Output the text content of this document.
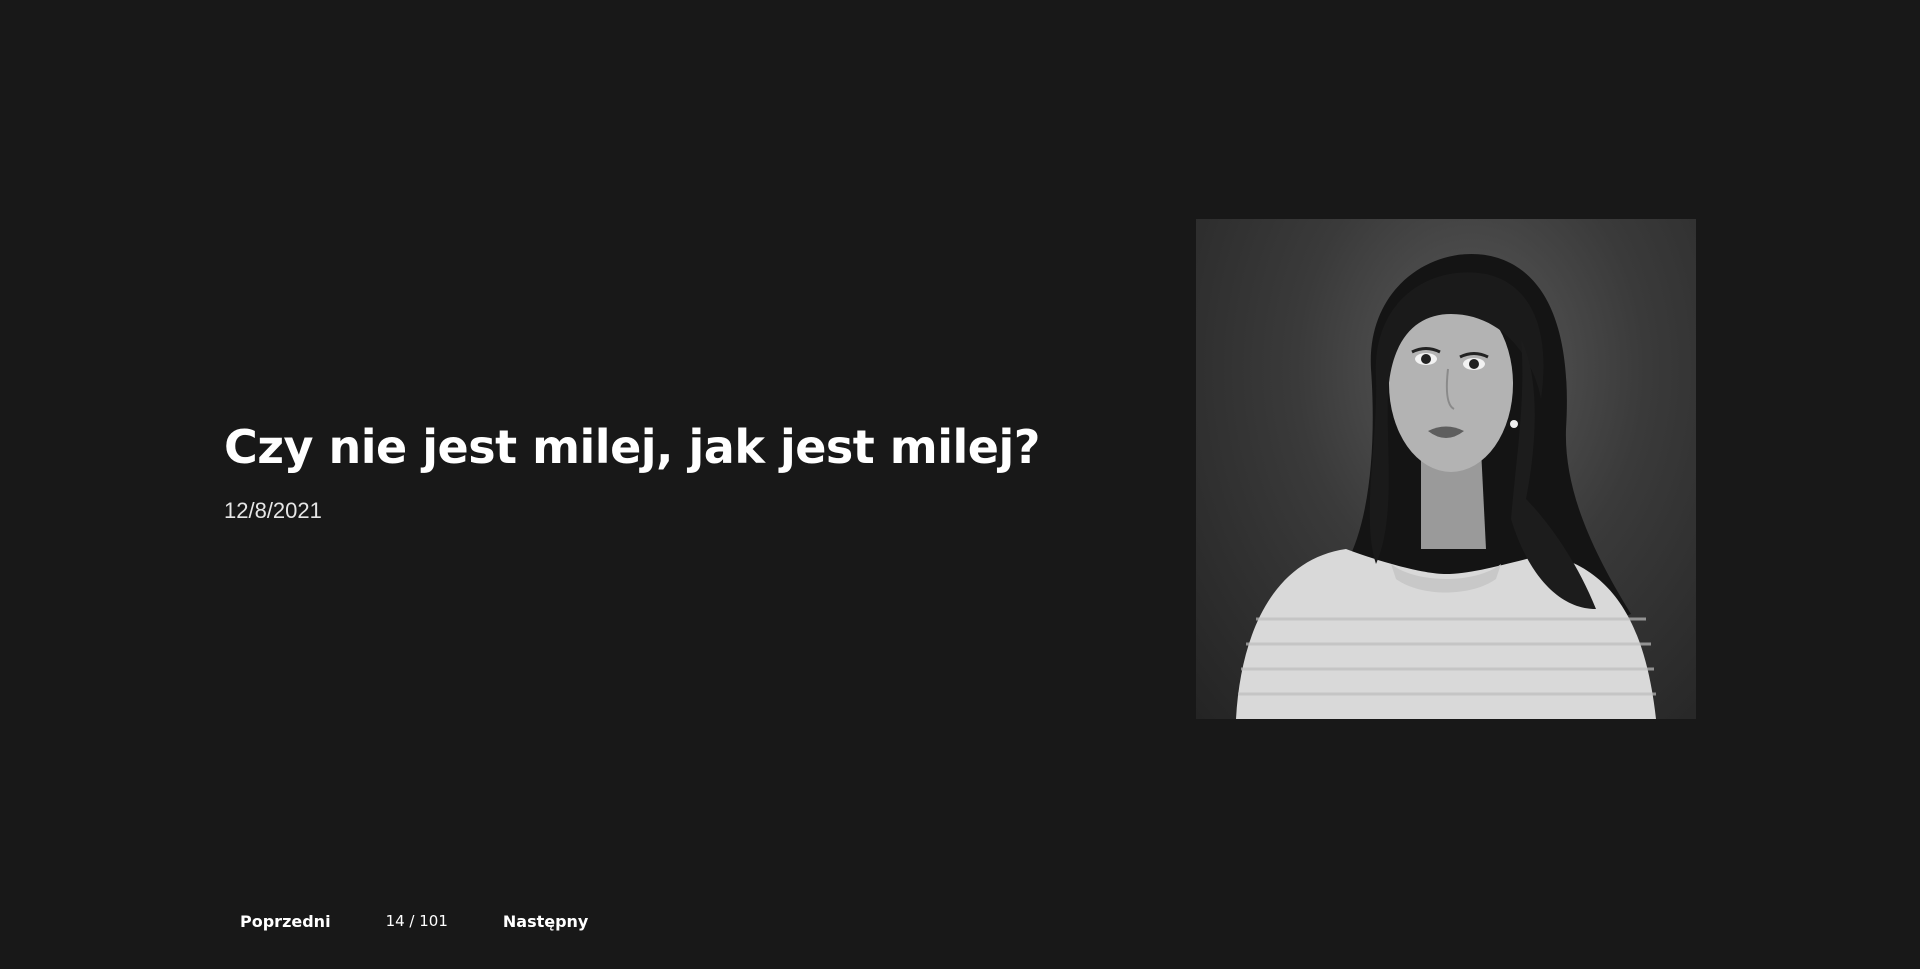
Czy nie jest milej, jak jest milej?
12/8/2021
Poprzedni	14 / 101	Następny
